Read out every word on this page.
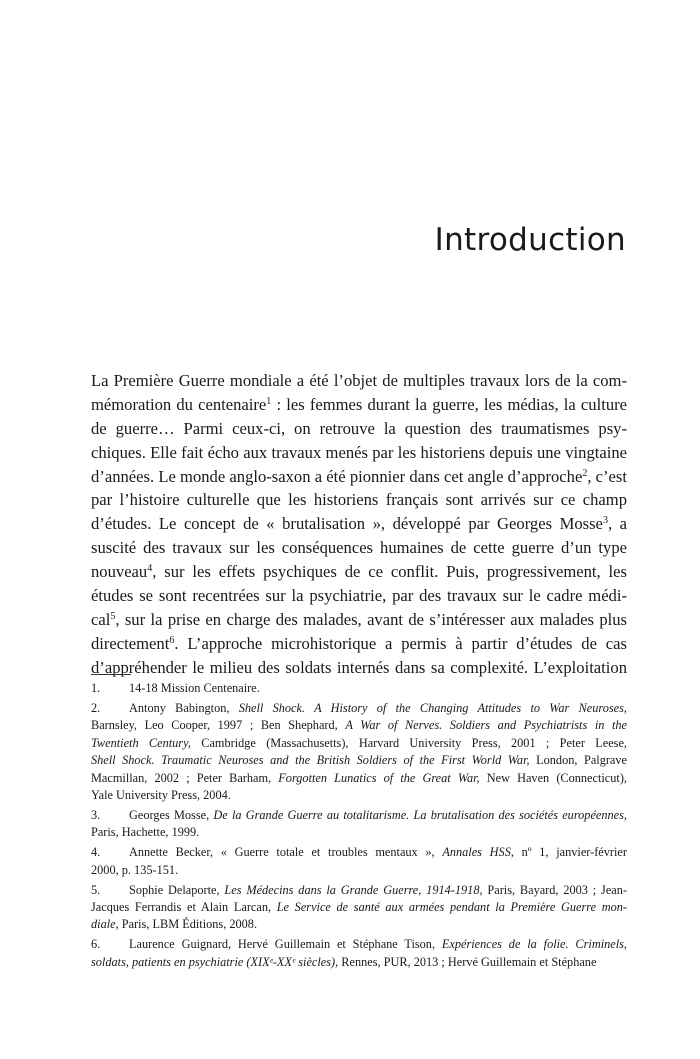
Introduction
La Première Guerre mondiale a été l’objet de multiples travaux lors de la com-
mémoration du centenaire$^1$ : les femmes durant la guerre, les médias, la culture
de guerre… Parmi ceux-ci, on retrouve la question des traumatismes psy-
chiques. Elle fait écho aux travaux menés par les historiens depuis une vingtaine
d’années. Le monde anglo-saxon a été pionnier dans cet angle d’approche$^2$, c’est
par l’histoire culturelle que les historiens français sont arrivés sur ce champ
d’études. Le concept de « brutalisation », développé par Georges Mosse$^3$, a
suscité des travaux sur les conséquences humaines de cette guerre d’un type
nouveau$^4$, sur les effets psychiques de ce conflit. Puis, progressivement, les
études se sont recentrées sur la psychiatrie, par des travaux sur le cadre médi-
cal$^5$, sur la prise en charge des malades, avant de s’intéresser aux malades plus
directement$^6$. L’approche microhistorique a permis à partir d’études de cas
d’appréhender le milieu des soldats internés dans sa complexité. L’exploitation
1. 14-18 Mission Centenaire.
2. Antony Babington, Shell Shock. A History of the Changing Attitudes to War Neuroses,
Barnsley, Leo Cooper, 1997 ; Ben Shephard, A War of Nerves. Soldiers and Psychiatrists in the
Twentieth Century, Cambridge (Massachusetts), Harvard University Press, 2001 ; Peter Leese,
Shell Shock. Traumatic Neuroses and the British Soldiers of the First World War, London, Palgrave
Macmillan, 2002 ; Peter Barham, Forgotten Lunatics of the Great War, New Haven (Connecticut),
Yale University Press, 2004.
3. Georges Mosse, De la Grande Guerre au totalitarisme. La brutalisation des sociétés européennes,
Paris, Hachette, 1999.
4. Annette Becker, « Guerre totale et troubles mentaux », Annales HSS, nº 1, janvier-février
2000, p. 135-151.
5. Sophie Delaporte, Les Médecins dans la Grande Guerre, 1914-1918, Paris, Bayard, 2003 ; Jean-
Jacques Ferrandis et Alain Larcan, Le Service de santé aux armées pendant la Première Guerre mon-
diale, Paris, LBM Éditions, 2008.
6. Laurence Guignard, Hervé Guillemain et Stéphane Tison, Expériences de la folie. Criminels,
soldats, patients en psychiatrie (XIXᵉ-XXᵉ siècles), Rennes, PUR, 2013 ; Hervé Guillemain et Stéphane
